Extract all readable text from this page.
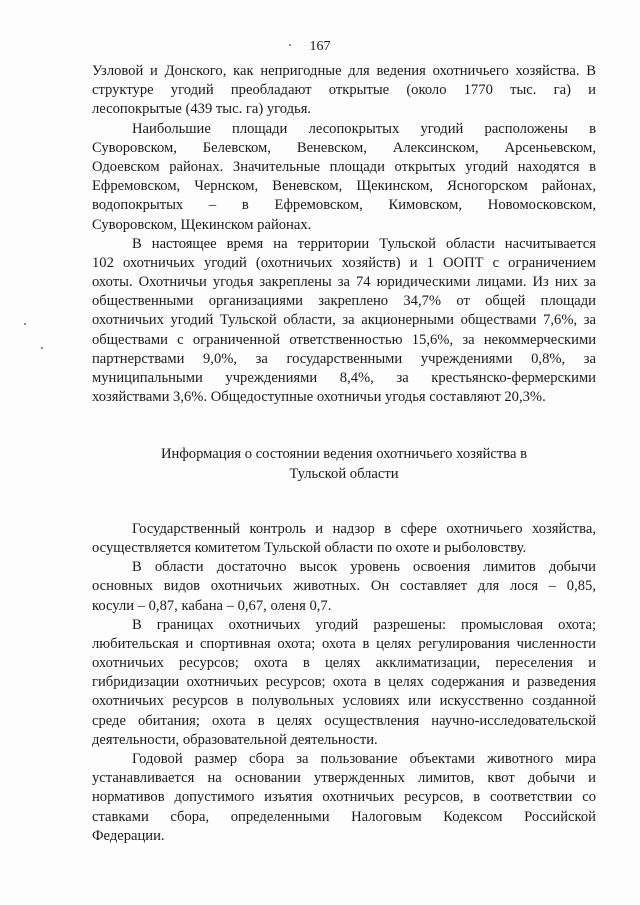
167
Узловой и Донского, как непригодные для ведения охотничьего хозяйства. В
структуре угодий преобладают открытые (около 1770 тыс. га) и
лесопокрытые (439 тыс. га) угодья.
Наибольшие площади лесопокрытых угодий расположены в
Суворовском, Белевском, Веневском, Алексинском, Арсеньевском,
Одоевском районах. Значительные площади открытых угодий находятся в
Ефремовском, Чернском, Веневском, Щекинском, Ясногорском районах,
водопокрытых – в Ефремовском, Кимовском, Новомосковском,
Суворовском, Щекинском районах.
В настоящее время на территории Тульской области насчитывается
102 охотничьих угодий (охотничьих хозяйств) и 1 ООПТ с ограничением
охоты. Охотничьи угодья закреплены за 74 юридическими лицами. Из них за
общественными организациями закреплено 34,7% от общей площади
охотничьих угодий Тульской области, за акционерными обществами 7,6%, за
обществами с ограниченной ответственностью 15,6%, за некоммерческими
партнерствами 9,0%, за государственными учреждениями 0,8%, за
муниципальными учреждениями 8,4%, за крестьянско-фермерскими
хозяйствами 3,6%. Общедоступные охотничьи угодья составляют 20,3%.
Информация о состоянии ведения охотничьего хозяйства в
Тульской области
Государственный контроль и надзор в сфере охотничьего хозяйства,
осуществляется комитетом Тульской области по охоте и рыболовству.
В области достаточно высок уровень освоения лимитов добычи
основных видов охотничьих животных. Он составляет для лося – 0,85,
косули – 0,87, кабана – 0,67, оленя 0,7.
В границах охотничьих угодий разрешены: промысловая охота;
любительская и спортивная охота; охота в целях регулирования численности
охотничьих ресурсов; охота в целях акклиматизации, переселения и
гибридизации охотничьих ресурсов; охота в целях содержания и разведения
охотничьих ресурсов в полувольных условиях или искусственно созданной
среде обитания; охота в целях осуществления научно-исследовательской
деятельности, образовательной деятельности.
Годовой размер сбора за пользование объектами животного мира
устанавливается на основании утвержденных лимитов, квот добычи и
нормативов допустимого изъятия охотничьих ресурсов, в соответствии со
ставками сбора, определенными Налоговым Кодексом Российской
Федерации.
